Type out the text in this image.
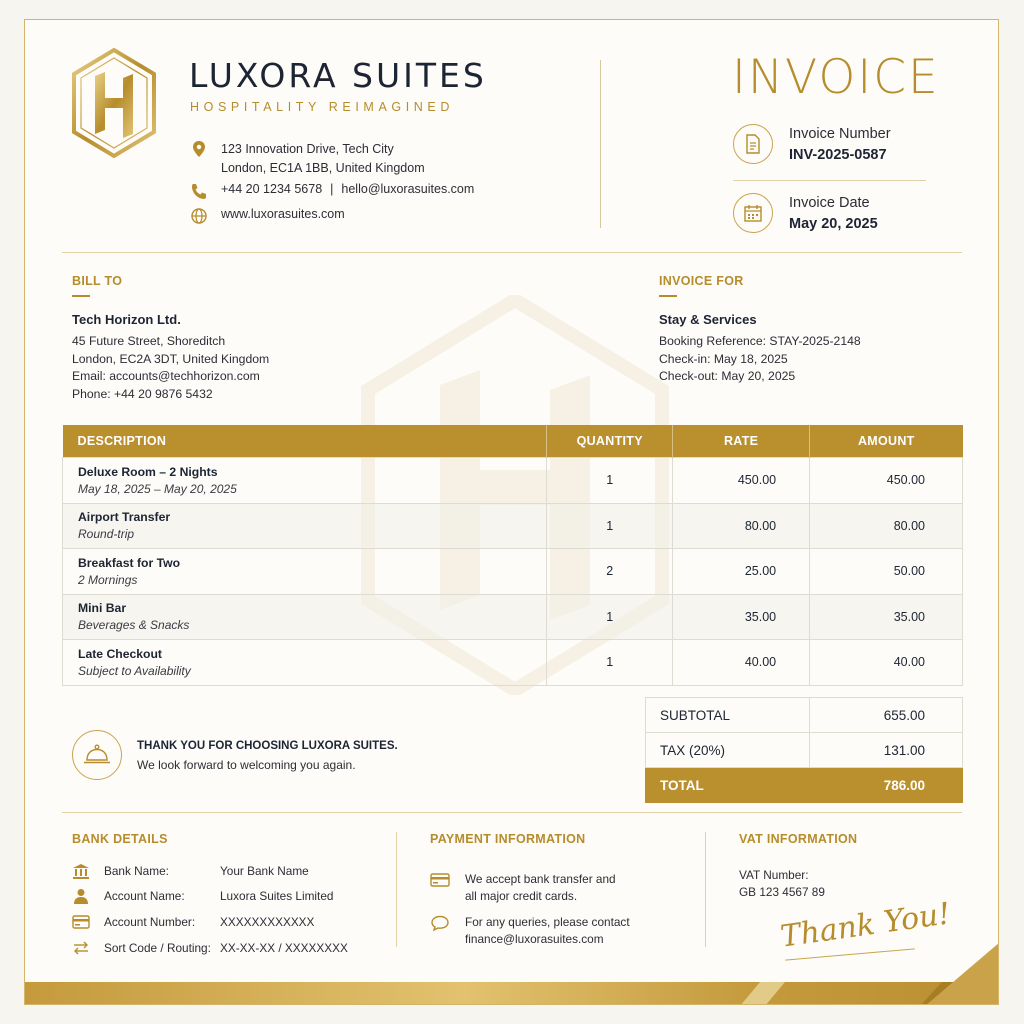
LUXORA SUITES
HOSPITALITY REIMAGINED
123 Innovation Drive, Tech City
London, EC1A 1BB, United Kingdom
+44 20 1234 5678 | hello@luxorasuites.com
www.luxorasuites.com
INVOICE
Invoice Number
INV-2025-0587
Invoice Date
May 20, 2025
BILL TO
Tech Horizon Ltd.
45 Future Street, Shoreditch
London, EC2A 3DT, United Kingdom
Email: accounts@techhorizon.com
Phone: +44 20 9876 5432
INVOICE FOR
Stay & Services
Booking Reference: STAY-2025-2148
Check-in: May 18, 2025
Check-out: May 20, 2025
DESCRIPTION	QUANTITY	RATE	AMOUNT

Deluxe Room – 2 Nights
May 18, 2025 – May 20, 2025	1	450.00	450.00

Airport Transfer
Round-trip	1	80.00	80.00

Breakfast for Two
2 Mornings	2	25.00	50.00

Mini Bar
Beverages & Snacks	1	35.00	35.00

Late Checkout
Subject to Availability	1	40.00	40.00
SUBTOTAL	655.00
TAX (20%)	131.00
TOTAL	786.00
THANK YOU FOR CHOOSING LUXORA SUITES.
We look forward to welcoming you again.
BANK DETAILS
Bank Name:	Your Bank Name
Account Name:	Luxora Suites Limited
Account Number:	XXXXXXXXXXXX
Sort Code / Routing: XX-XX-XX / XXXXXXXX
PAYMENT INFORMATION
We accept bank transfer and
all major credit cards.
For any queries, please contact
finance@luxorasuites.com
VAT INFORMATION
VAT Number:
GB 123 4567 89
Thank You!
